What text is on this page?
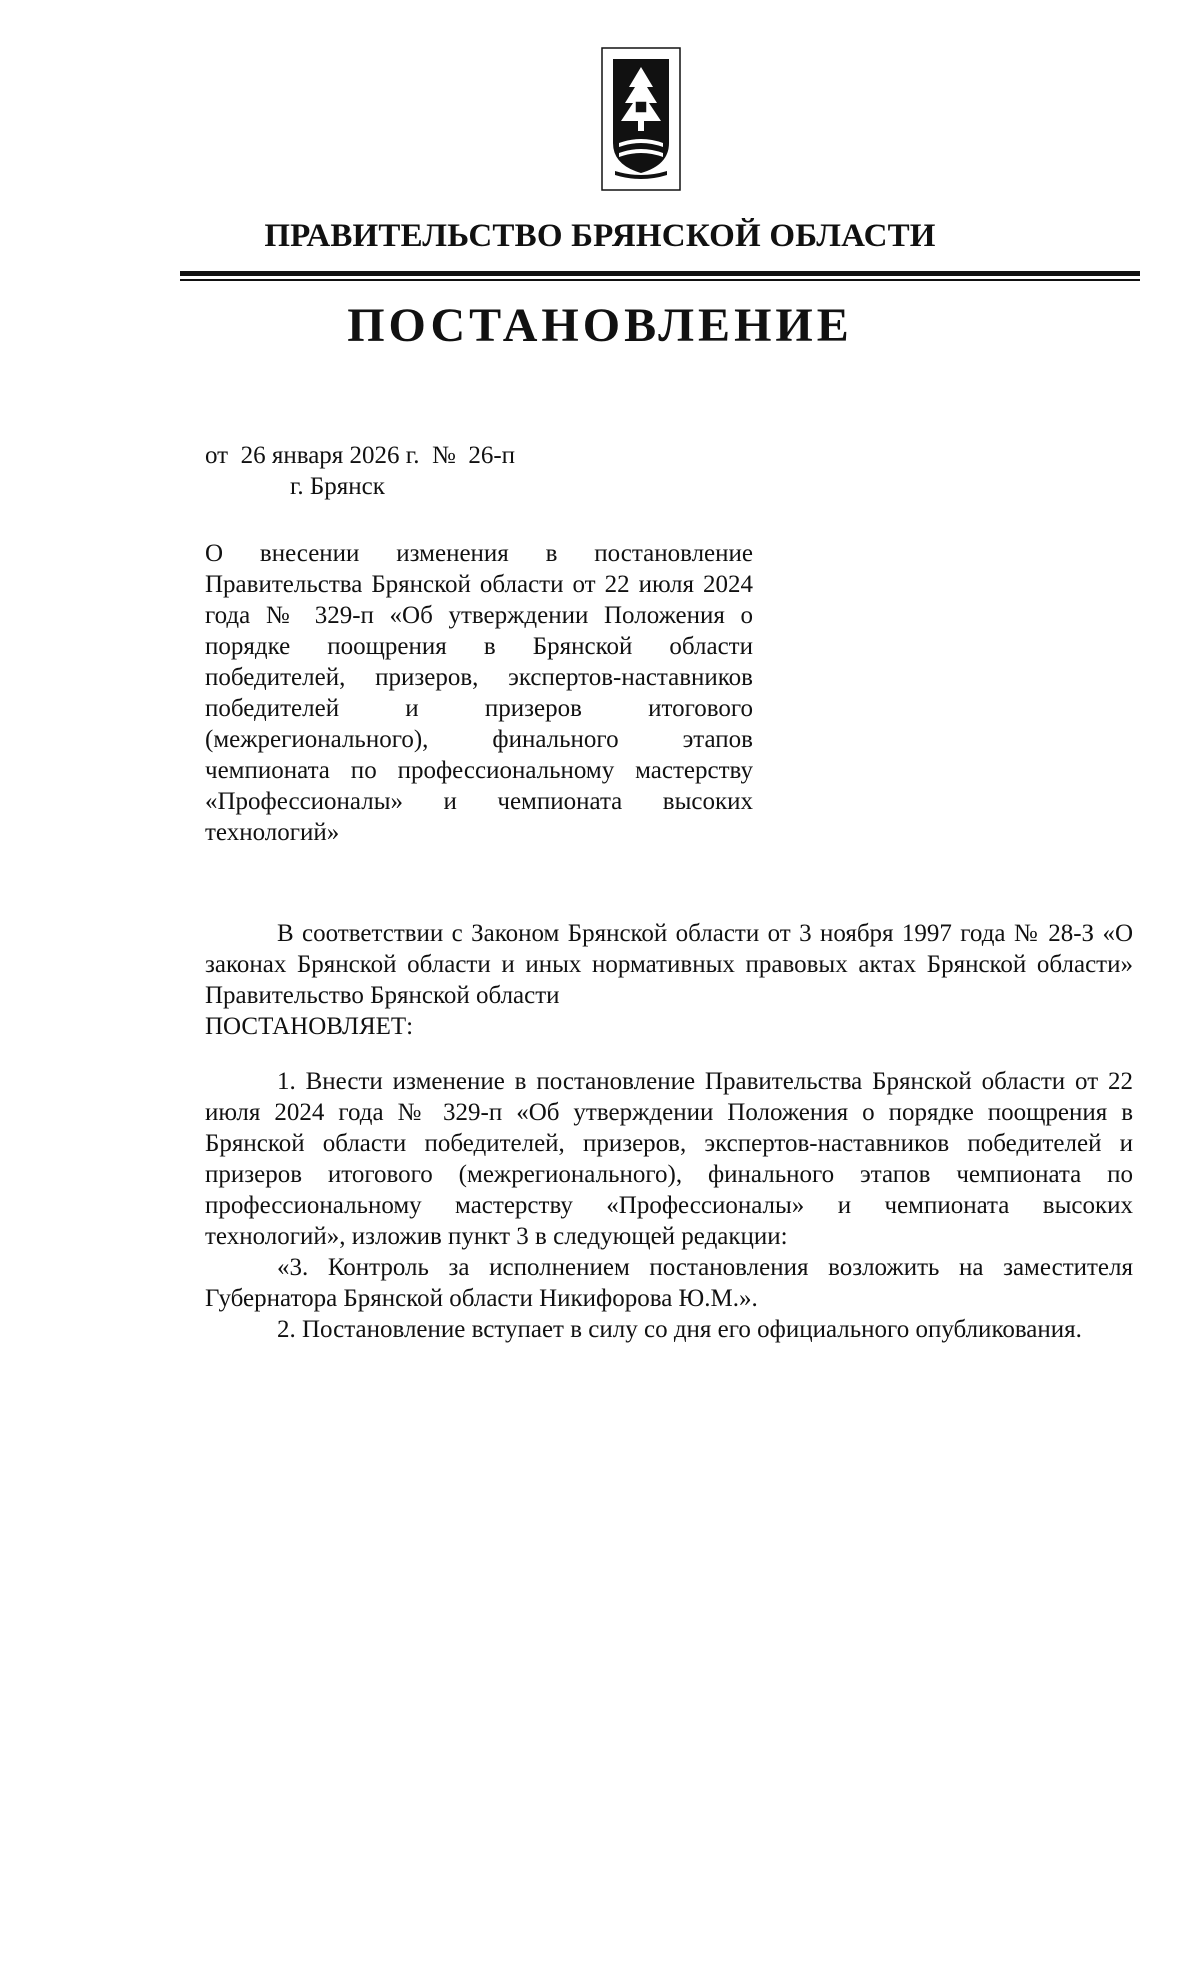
ПРАВИТЕЛЬСТВО БРЯНСКОЙ ОБЛАСТИ
ПОСТАНОВЛЕНИЕ
от  26 января 2026 г.  №  26-п
г. Брянск
О внесении изменения в постановление Правительства Брянской области от 22 июля 2024 года № 329-п «Об утверждении Положения о порядке поощрения в Брянской области победителей, призеров, экспертов-наставников победителей и призеров итогового (межрегионального), финального этапов чемпионата по профессиональному мастерству «Профессионалы» и чемпионата высоких технологий»

В соответствии с Законом Брянской области от 3 ноября 1997 года № 28-З «О законах Брянской области и иных нормативных правовых актах Брянской области» Правительство Брянской области

ПОСТАНОВЛЯЕТ:

1. Внести изменение в постановление Правительства Брянской области от 22 июля 2024 года № 329-п «Об утверждении Положения о порядке поощрения в Брянской области победителей, призеров, экспертов-наставников победителей и призеров итогового (межрегионального), финального этапов чемпионата по профессиональному мастерству «Профессионалы» и чемпионата высоких технологий», изложив пункт 3 в следующей редакции:

«3. Контроль за исполнением постановления возложить на заместителя Губернатора Брянской области Никифорова Ю.М.».

2. Постановление вступает в силу со дня его официального опубликования.
